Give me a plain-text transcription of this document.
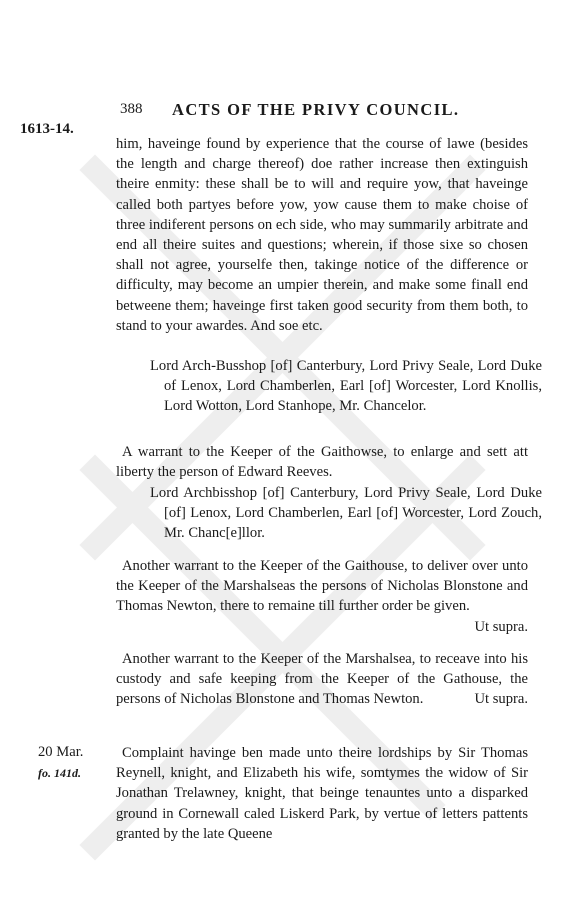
388 ACTS OF THE PRIVY COUNCIL.
1613-14.

him, haveinge found by experience that the course of lawe (besides the length and charge thereof) doe rather increase then extinguish theire enmity: these shall be to will and require yow, that haveinge called both partyes before yow, yow cause them to make choise of three indiferent persons on ech side, who may summarily arbitrate and end all theire suites and questions; wherein, if those sixe so chosen shall not agree, yourselfe then, takinge notice of the difference or difficulty, may become an umpier therein, and make some finall end betweene them; haveinge first taken good security from them both, to stand to your awardes. And soe etc.

Lord Arch-Busshop [of] Canterbury, Lord Privy Seale, Lord Duke of Lenox, Lord Chamberlen, Earl [of] Worcester, Lord Knollis, Lord Wotton, Lord Stanhope, Mr. Chancelor.

A warrant to the Keeper of the Gaithowse, to enlarge and sett att liberty the person of Edward Reeves.

Lord Archbisshop [of] Canterbury, Lord Privy Seale, Lord Duke [of] Lenox, Lord Chamberlen, Earl [of] Worcester, Lord Zouch, Mr. Chanc[e]llor.

Another warrant to the Keeper of the Gaithouse, to deliver over unto the Keeper of the Marshalseas the persons of Nicholas Blonstone and Thomas Newton, there to remaine till further order be given.
Ut supra.
Another warrant to the Keeper of the Marshalsea, to receave into his custody and safe keeping from the Keeper of the Gathouse, the persons of Nicholas Blonstone and Thomas Newton.	Ut supra.
20 Mar.
fo. 141d.

Complaint havinge ben made unto theire lordships by Sir Thomas Reynell, knight, and Elizabeth his wife, somtymes the widow of Sir Jonathan Trelawney, knight, that beinge tenauntes unto a disparked ground in Cornewall caled Liskerd Park, by vertue of letters pattents granted by the late Queene
